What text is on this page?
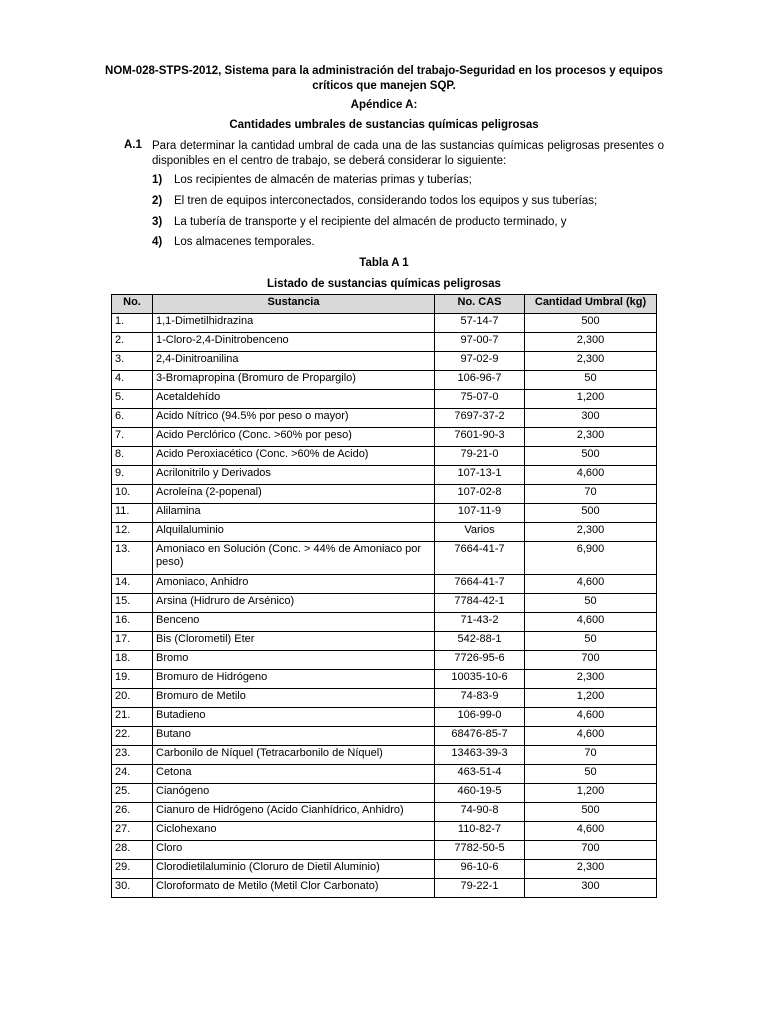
NOM-028-STPS-2012, Sistema para la administración del trabajo-Seguridad en los procesos y equipos críticos que manejen SQP.
Apéndice A:
Cantidades umbrales de sustancias químicas peligrosas
A.1 Para determinar la cantidad umbral de cada una de las sustancias químicas peligrosas presentes o disponibles en el centro de trabajo, se deberá considerar lo siguiente:
1) Los recipientes de almacén de materias primas y tuberías;
2) El tren de equipos interconectados, considerando todos los equipos y sus tuberías;
3) La tubería de transporte y el recipiente del almacén de producto terminado, y
4) Los almacenes temporales.
Tabla A 1
Listado de sustancias químicas peligrosas
No.	Sustancia	No. CAS	Cantidad Umbral (kg)
1.	1,1-Dimetilhidrazina	57-14-7	500
2.	1-Cloro-2,4-Dinitrobenceno	97-00-7	2,300
3.	2,4-Dinitroanilina	97-02-9	2,300
4.	3-Bromapropina (Bromuro de Propargilo)	106-96-7	50
5.	Acetaldehído	75-07-0	1,200
6.	Acido Nítrico (94.5% por peso o mayor)	7697-37-2	300
7.	Acido Perclórico (Conc. >60% por peso)	7601-90-3	2,300
8.	Acido Peroxiacético (Conc. >60% de Acido)	79-21-0	500
9.	Acrilonitrilo y Derivados	107-13-1	4,600
10.	Acroleína (2-popenal)	107-02-8	70
11.	Alilamina	107-11-9	500
12.	Alquilaluminio	Varios	2,300
13.	Amoniaco en Solución (Conc. > 44% de Amoniaco por peso)	7664-41-7	6,900
14.	Amoniaco, Anhidro	7664-41-7	4,600
15.	Arsina (Hidruro de Arsénico)	7784-42-1	50
16.	Benceno	71-43-2	4,600
17.	Bis (Clorometil) Eter	542-88-1	50
18.	Bromo	7726-95-6	700
19.	Bromuro de Hidrógeno	10035-10-6	2,300
20.	Bromuro de Metilo	74-83-9	1,200
21.	Butadieno	106-99-0	4,600
22.	Butano	68476-85-7	4,600
23.	Carbonilo de Níquel (Tetracarbonilo de Níquel)	13463-39-3	70
24.	Cetona	463-51-4	50
25.	Cianógeno	460-19-5	1,200
26.	Cianuro de Hidrógeno (Acido Cianhídrico, Anhidro)	74-90-8	500
27.	Ciclohexano	110-82-7	4,600
28.	Cloro	7782-50-5	700
29.	Clorodietilaluminio (Cloruro de Dietil Aluminio)	96-10-6	2,300
30.	Cloroformato de Metilo (Metil Clor Carbonato)	79-22-1	300
